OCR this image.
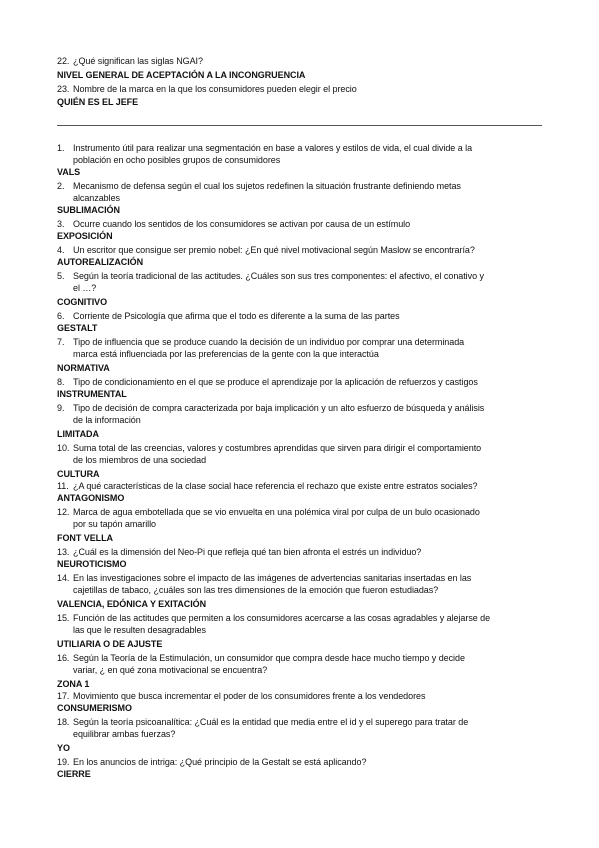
22. ¿Qué significan las siglas NGAI?
NIVEL GENERAL DE ACEPTACIÓN A LA INCONGRUENCIA
23. Nombre de la marca en la que los consumidores pueden elegir el precio
QUIÉN ES EL JEFE
1. Instrumento útil para realizar una segmentación en base a valores y estilos de vida, el cual divide a la
población en ocho posibles grupos de consumidores
VALS
2. Mecanismo de defensa según el cual los sujetos redefinen la situación frustrante definiendo metas
alcanzables
SUBLIMACIÓN
3. Ocurre cuando los sentidos de los consumidores se activan por causa de un estímulo
EXPOSICIÓN
4. Un escritor que consigue ser premio nobel: ¿En qué nivel motivacional según Maslow se encontraría?
AUTOREALIZACIÓN
5. Según la teoría tradicional de las actitudes. ¿Cuáles son sus tres componentes: el afectivo, el conativo y
el …?
COGNITIVO
6. Corriente de Psicología que afirma que el todo es diferente a la suma de las partes
GESTALT
7. Tipo de influencia que se produce cuando la decisión de un individuo por comprar una determinada
marca está influenciada por las preferencias de la gente con la que interactúa
NORMATIVA
8. Tipo de condicionamiento en el que se produce el aprendizaje por la aplicación de refuerzos y castigos
INSTRUMENTAL
9. Tipo de decisión de compra caracterizada por baja implicación y un alto esfuerzo de búsqueda y análisis
de la información
LIMITADA
10. Suma total de las creencias, valores y costumbres aprendidas que sirven para dirigir el comportamiento
de los miembros de una sociedad
CULTURA
11. ¿A qué características de la clase social hace referencia el rechazo que existe entre estratos sociales?
ANTAGONISMO
12. Marca de agua embotellada que se vio envuelta en una polémica viral por culpa de un bulo ocasionado
por su tapón amarillo
FONT VELLA
13. ¿Cuál es la dimensión del Neo-Pi que refleja qué tan bien afronta el estrés un individuo?
NEUROTICISMO
14. En las investigaciones sobre el impacto de las imágenes de advertencias sanitarias insertadas en las
cajetillas de tabaco, ¿cuáles son las tres dimensiones de la emoción que fueron estudiadas?
VALENCIA, EDÓNICA Y EXITACIÓN
15. Función de las actitudes que permiten a los consumidores acercarse a las cosas agradables y alejarse de
las que le resulten desagradables
UTILIARIA O DE AJUSTE
16. Según la Teoría de la Estimulación, un consumidor que compra desde hace mucho tiempo y decide
variar, ¿ en qué zona motivacional se encuentra?
ZONA 1
17. Movimiento que busca incrementar el poder de los consumidores frente a los vendedores
CONSUMERISMO
18. Según la teoría psicoanalítica: ¿Cuál es la entidad que media entre el id y el superego para tratar de
equilibrar ambas fuerzas?
YO
19. En los anuncios de intriga: ¿Qué principio de la Gestalt se está aplicando?
CIERRE
